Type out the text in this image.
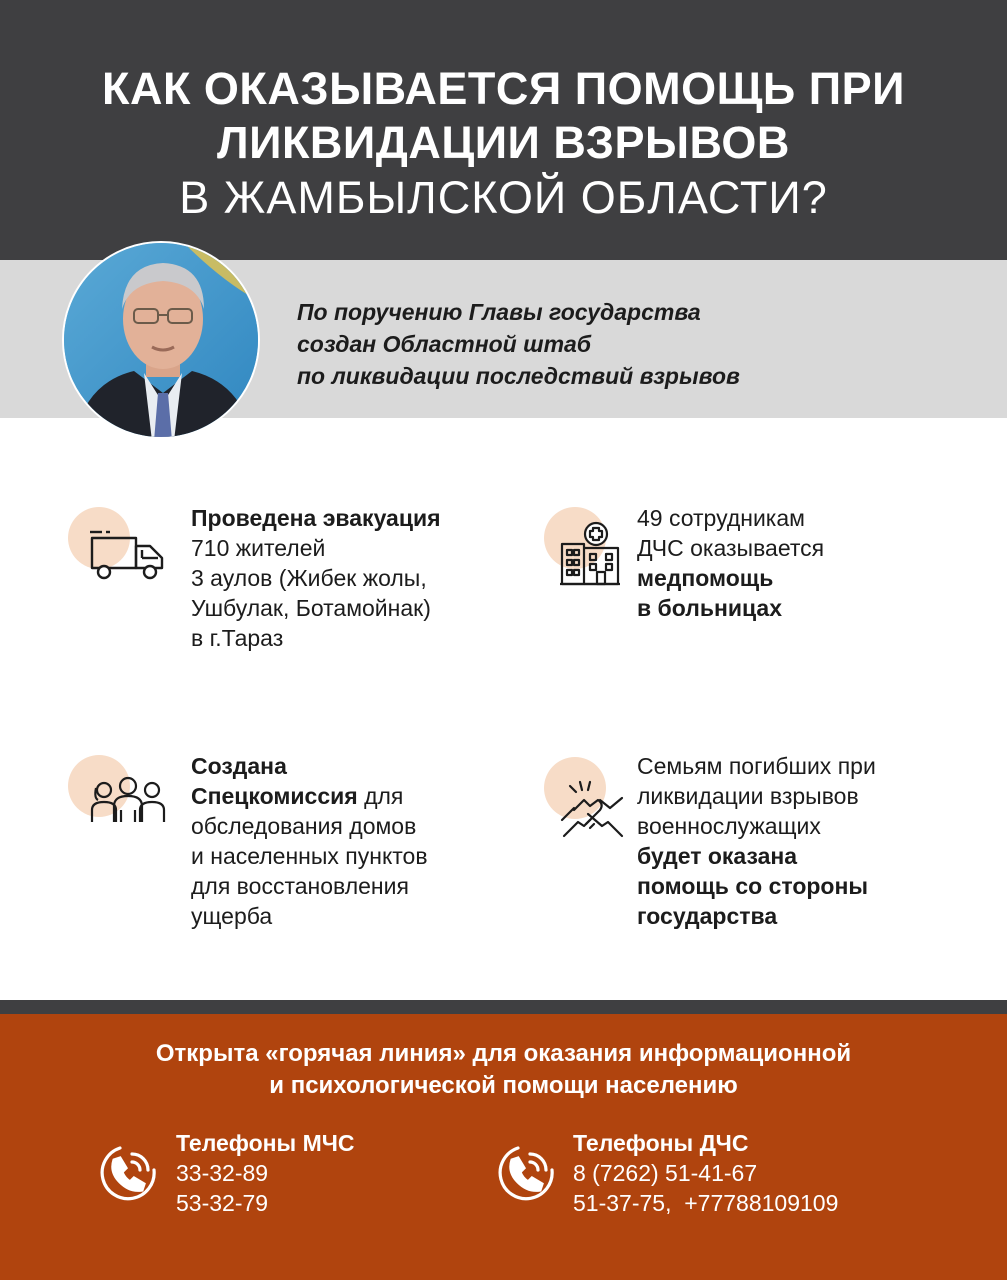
КАК ОКАЗЫВАЕТСЯ ПОМОЩЬ ПРИ
ЛИКВИДАЦИИ ВЗРЫВОВ
В ЖАМБЫЛСКОЙ ОБЛАСТИ?
По поручению Главы государства
создан Областной штаб
по ликвидации последствий взрывов
Проведена эвакуация
710 жителей
3 аулов (Жибек жолы,
Ушбулак, Ботамойнак)
в г.Тараз
49 сотрудникам
ДЧС оказывается
медпомощь
в больницах
Создана
Спецкомиссия для
обследования домов
и населенных пунктов
для восстановления
ущерба
Семьям погибших при
ликвидации взрывов
военнослужащих
будет оказана
помощь со стороны
государства
Открыта «горячая линия» для оказания информационной
и психологической помощи населению
Телефоны МЧС
33-32-89
53-32-79
Телефоны ДЧС
8 (7262) 51-41-67
51-37-75,  +77788109109
